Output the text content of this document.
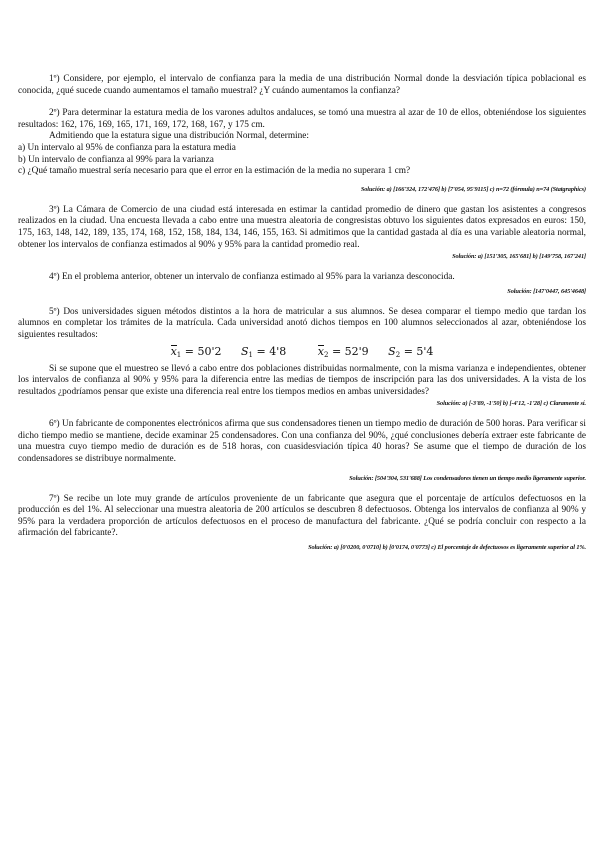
1º) Considere, por ejemplo, el intervalo de confianza para la media de una distribución Normal donde la desviación típica poblacional es conocida, ¿qué sucede cuando aumentamos el tamaño muestral? ¿Y cuándo aumentamos la confianza?

2º) Para determinar la estatura media de los varones adultos andaluces, se tomó una muestra al azar de 10 de ellos, obteniéndose los siguientes resultados: 162, 176, 169, 165, 171, 169, 172, 168, 167, y 175 cm.

Admitiendo que la estatura sigue una distribución Normal, determine:

a) Un intervalo al 95% de confianza para la estatura media

b) Un intervalo de confianza al 99% para la varianza

c) ¿Qué tamaño muestral sería necesario para que el error en la estimación de la media no superara 1 cm?

Solución: a) [166'324, 172'476] b) [7'054, 95'9115] c) n=72 (fórmula) n=74 (Statgraphics)

3º) La Cámara de Comercio de una ciudad está interesada en estimar la cantidad promedio de dinero que gastan los asistentes a congresos realizados en la ciudad. Una encuesta llevada a cabo entre una muestra aleatoria de congresistas obtuvo los siguientes datos expresados en euros: 150, 175, 163, 148, 142, 189, 135, 174, 168, 152, 158, 184, 134, 146, 155, 163. Si admitimos que la cantidad gastada al día es una variable aleatoria normal, obtener los intervalos de confianza estimados al 90% y 95% para la cantidad promedio real.

Solución: a) [151'305, 165'681] b) [149'758, 167'241]

4º) En el problema anterior, obtener un intervalo de confianza estimado al 95% para la varianza desconocida.

Solución: [147'0447, 645'4648]

5º) Dos universidades siguen métodos distintos a la hora de matricular a sus alumnos. Se desea comparar el tiempo medio que tardan los alumnos en completar los trámites de la matrícula. Cada universidad anotó dichos tiempos en 100 alumnos seleccionados al azar, obteniéndose los siguientes resultados:

$x_1 = 50'2$ $S_1 = 4'8$	$x_2 = 52'9$ $S_2 = 5'4$

Si se supone que el muestreo se llevó a cabo entre dos poblaciones distribuidas normalmente, con la misma varianza e independientes, obtener los intervalos de confianza al 90% y 95% para la diferencia entre las medias de tiempos de inscripción para las dos universidades. A la vista de los resultados ¿podríamos pensar que existe una diferencia real entre los tiempos medios en ambas universidades?

Solución: a) [-3'89, -1'50] b) [-4'12, -1'28] c) Claramente sí.

6º) Un fabricante de componentes electrónicos afirma que sus condensadores tienen un tiempo medio de duración de 500 horas. Para verificar si dicho tiempo medio se mantiene, decide examinar 25 condensadores. Con una confianza del 90%, ¿qué conclusiones debería extraer este fabricante de una muestra cuyo tiempo medio de duración es de 518 horas, con cuasidesviación típica 40 horas? Se asume que el tiempo de duración de los condensadores se distribuye normalmente.

Solución: [504'304, 531'688] Los condensadores tienen un tiempo medio ligeramente superior.

7º) Se recibe un lote muy grande de artículos proveniente de un fabricante que asegura que el porcentaje de artículos defectuosos en la producción es del 1%. Al seleccionar una muestra aleatoria de 200 artículos se descubren 8 defectuosos. Obtenga los intervalos de confianza al 90% y 95% para la verdadera proporción de artículos defectuosos en el proceso de manufactura del fabricante. ¿Qué se podría concluir con respecto a la afirmación del fabricante?.

Solución: a) [0'0200, 0'0710] b) [0'0174, 0'0773] c) El porcentaje de defectuosos es ligeramente superior al 1%.
